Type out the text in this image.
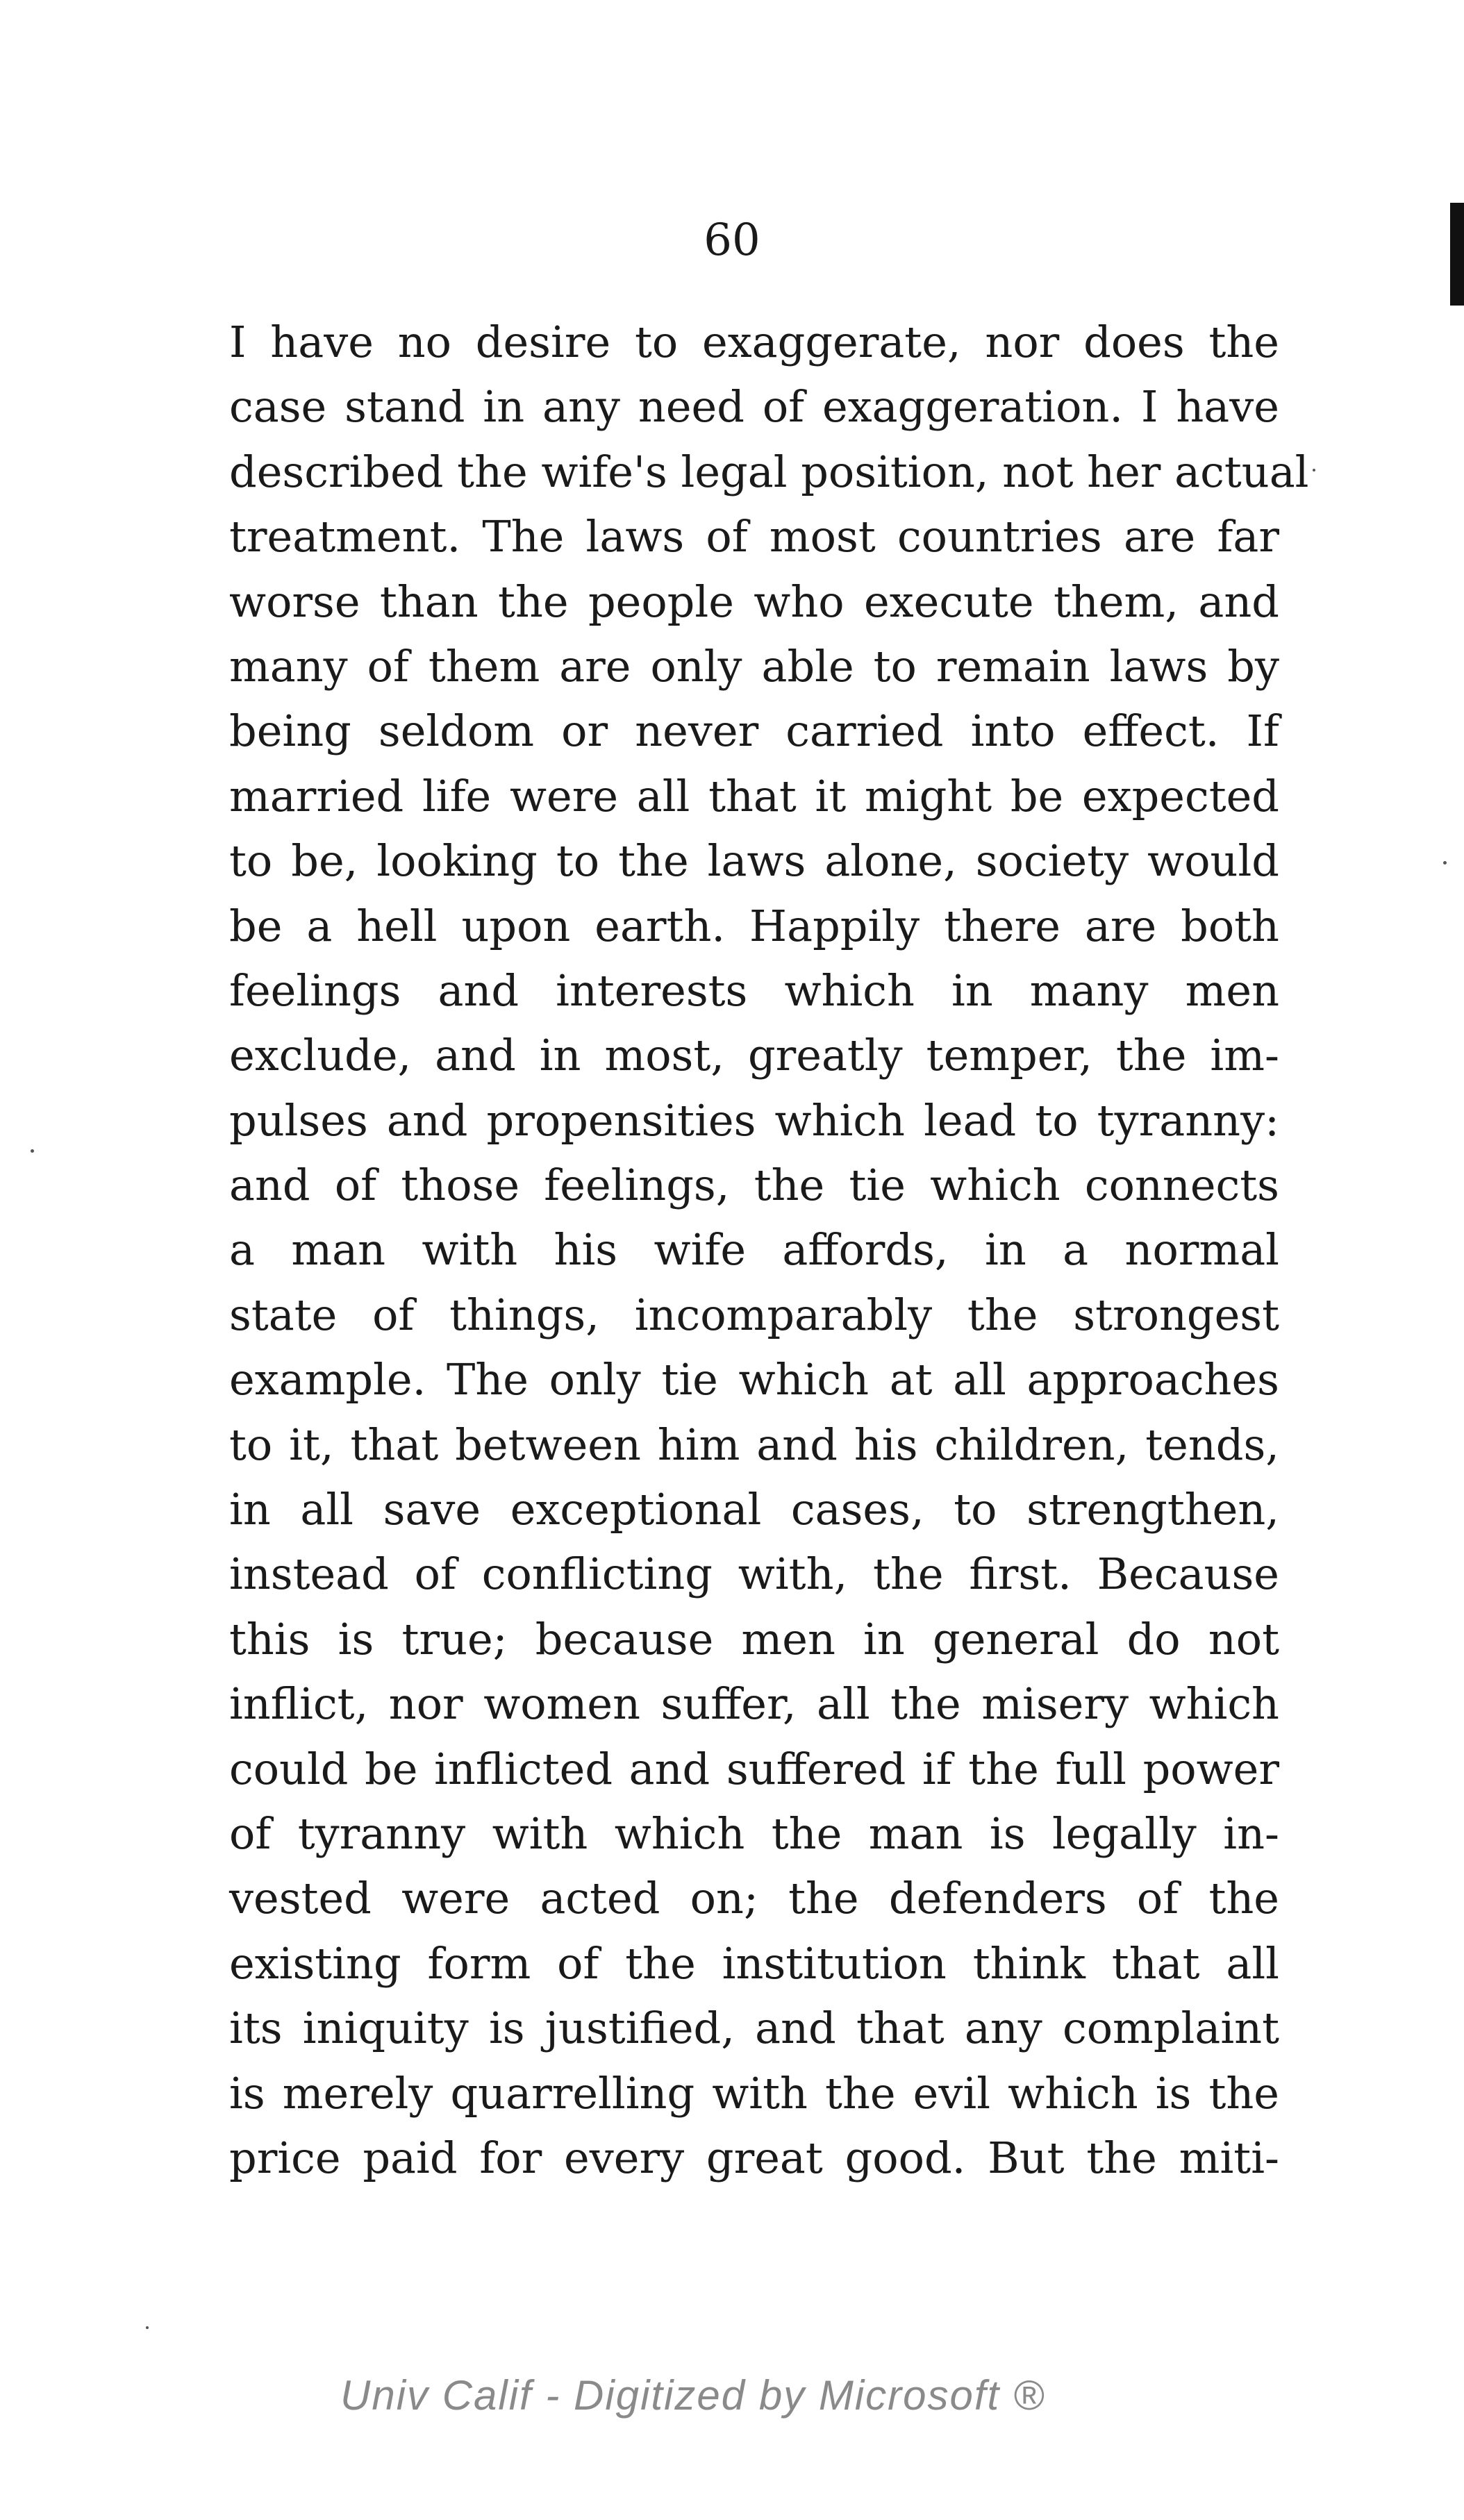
60
I have no desire to exaggerate, nor does the
case stand in any need of exaggeration. I have
described the wife's legal position, not her actual
treatment. The laws of most countries are far
worse than the people who execute them, and
many of them are only able to remain laws by
being seldom or never carried into effect. If
married life were all that it might be expected
to be, looking to the laws alone, society would
be a hell upon earth. Happily there are both
feelings and interests which in many men
exclude, and in most, greatly temper, the im-
pulses and propensities which lead to tyranny:
and of those feelings, the tie which connects
a man with his wife affords, in a normal
state of things, incomparably the strongest
example. The only tie which at all approaches
to it, that between him and his children, tends,
in all save exceptional cases, to strengthen,
instead of conflicting with, the first. Because
this is true; because men in general do not
inflict, nor women suffer, all the misery which
could be inflicted and suffered if the full power
of tyranny with which the man is legally in-
vested were acted on; the defenders of the
existing form of the institution think that all
its iniquity is justified, and that any complaint
is merely quarrelling with the evil which is the
price paid for every great good. But the miti-
Univ Calif - Digitized by Microsoft ®
